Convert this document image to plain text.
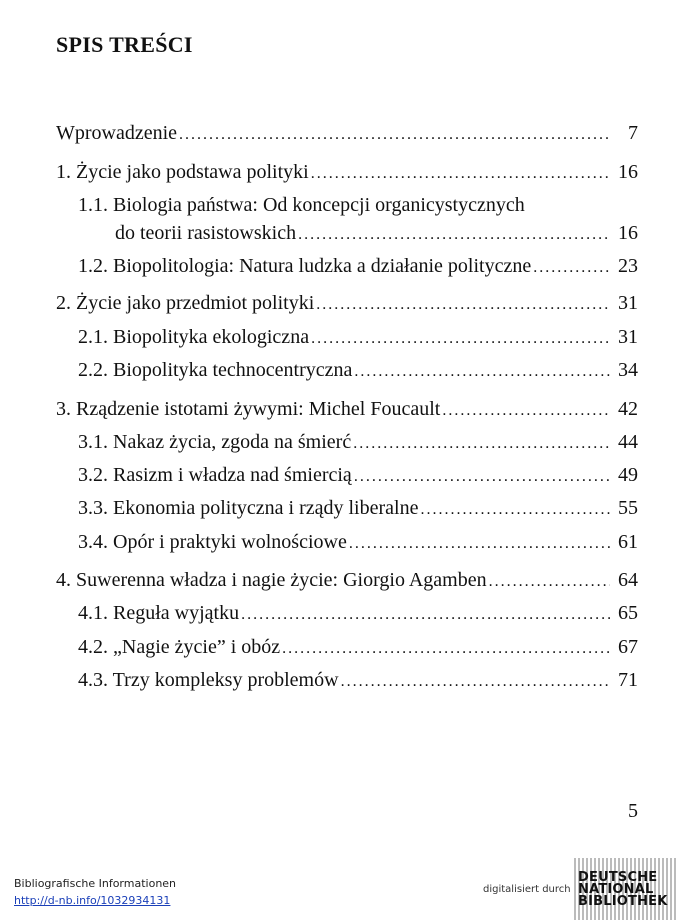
SPIS TREŚCI
Wprowadzenie . . .	7
1. Życie jako podstawa polityki . . .	16
1.1. Biologia państwa: Od koncepcji organicystycznych
do teorii rasistowskich . . .	16
1.2. Biopolitologia: Natura ludzka a działanie polityczne . . .	23
2. Życie jako przedmiot polityki . . .	31
2.1. Biopolityka ekologiczna . . .	31
2.2. Biopolityka technocentryczna . . .	34
3. Rządzenie istotami żywymi: Michel Foucault . . .	42
3.1. Nakaz życia, zgoda na śmierć . . .	44
3.2. Rasizm i władza nad śmiercią . . .	49
3.3. Ekonomia polityczna i rządy liberalne . . .	55
3.4. Opór i praktyki wolnościowe . . .	61
4. Suwerenna władza i nagie życie: Giorgio Agamben . . .	64
4.1. Reguła wyjątku . . .	65
4.2. „Nagie życie” i obóz . . .	67
4.3. Trzy kompleksy problemów . . .	71
5
Bibliografische Informationen
http://d-nb.info/1032934131
digitalisiert durch
DEUTSCHE
NATIONAL
BIBLIOTHEK
